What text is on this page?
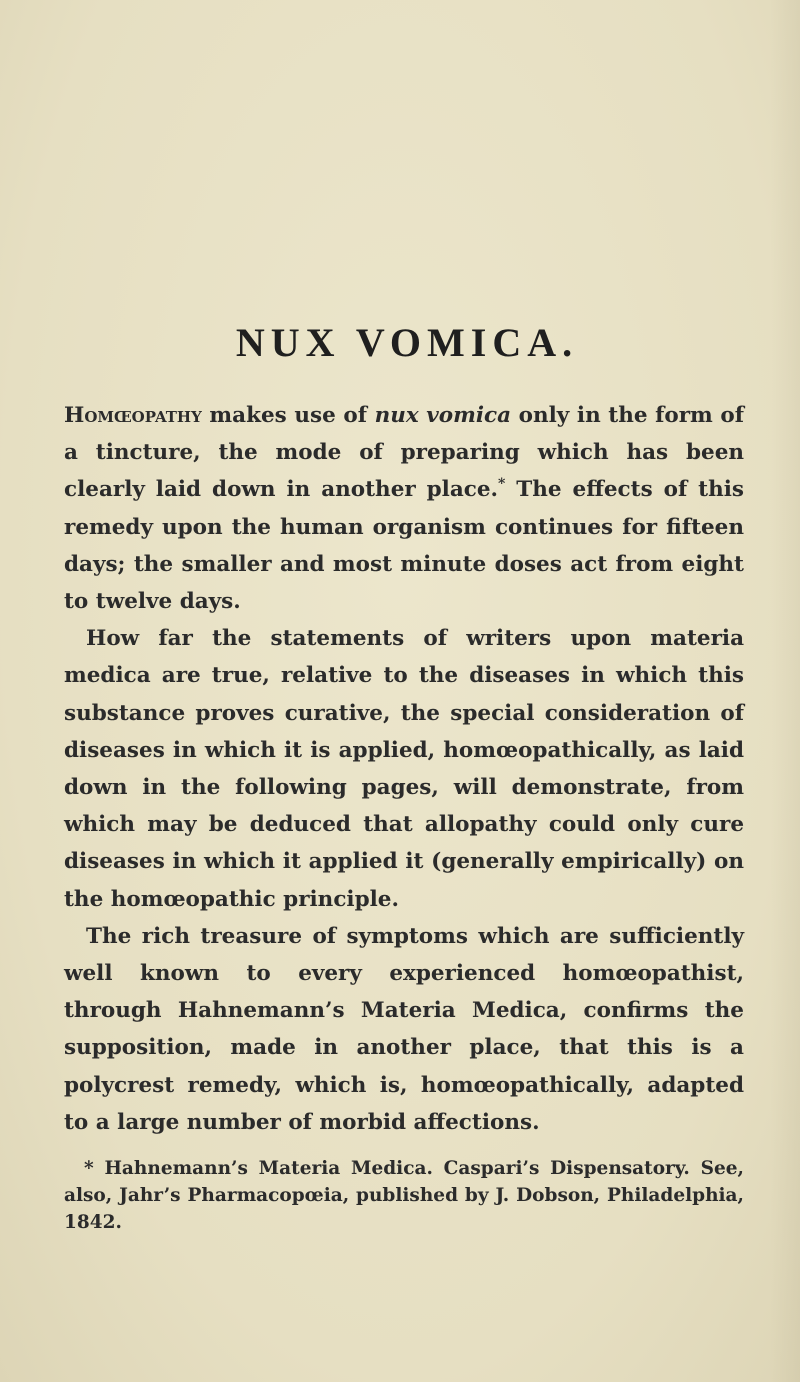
NUX VOMICA.

Homœopathy makes use of nux vomica only in the form of a tincture, the mode of preparing which has been clearly laid down in another place.* The effects of this remedy upon the human organism continues for fifteen days; the smaller and most minute doses act from eight to twelve days.

How far the statements of writers upon materia medica are true, relative to the diseases in which this substance proves curative, the special consideration of diseases in which it is applied, homœopathically, as laid down in the following pages, will demonstrate, from which may be deduced that allopathy could only cure diseases in which it applied it (generally empirically) on the homœopathic principle.

The rich treasure of symptoms which are sufficiently well known to every experienced homœopathist, through Hahnemann’s Materia Medica, confirms the supposition, made in another place, that this is a polycrest remedy, which is, homœopathically, adapted to a large number of morbid affections.

* Hahnemann’s Materia Medica. Caspari’s Dispensatory. See, also, Jahr’s Pharmacopœia, published by J. Dobson, Philadelphia, 1842.
